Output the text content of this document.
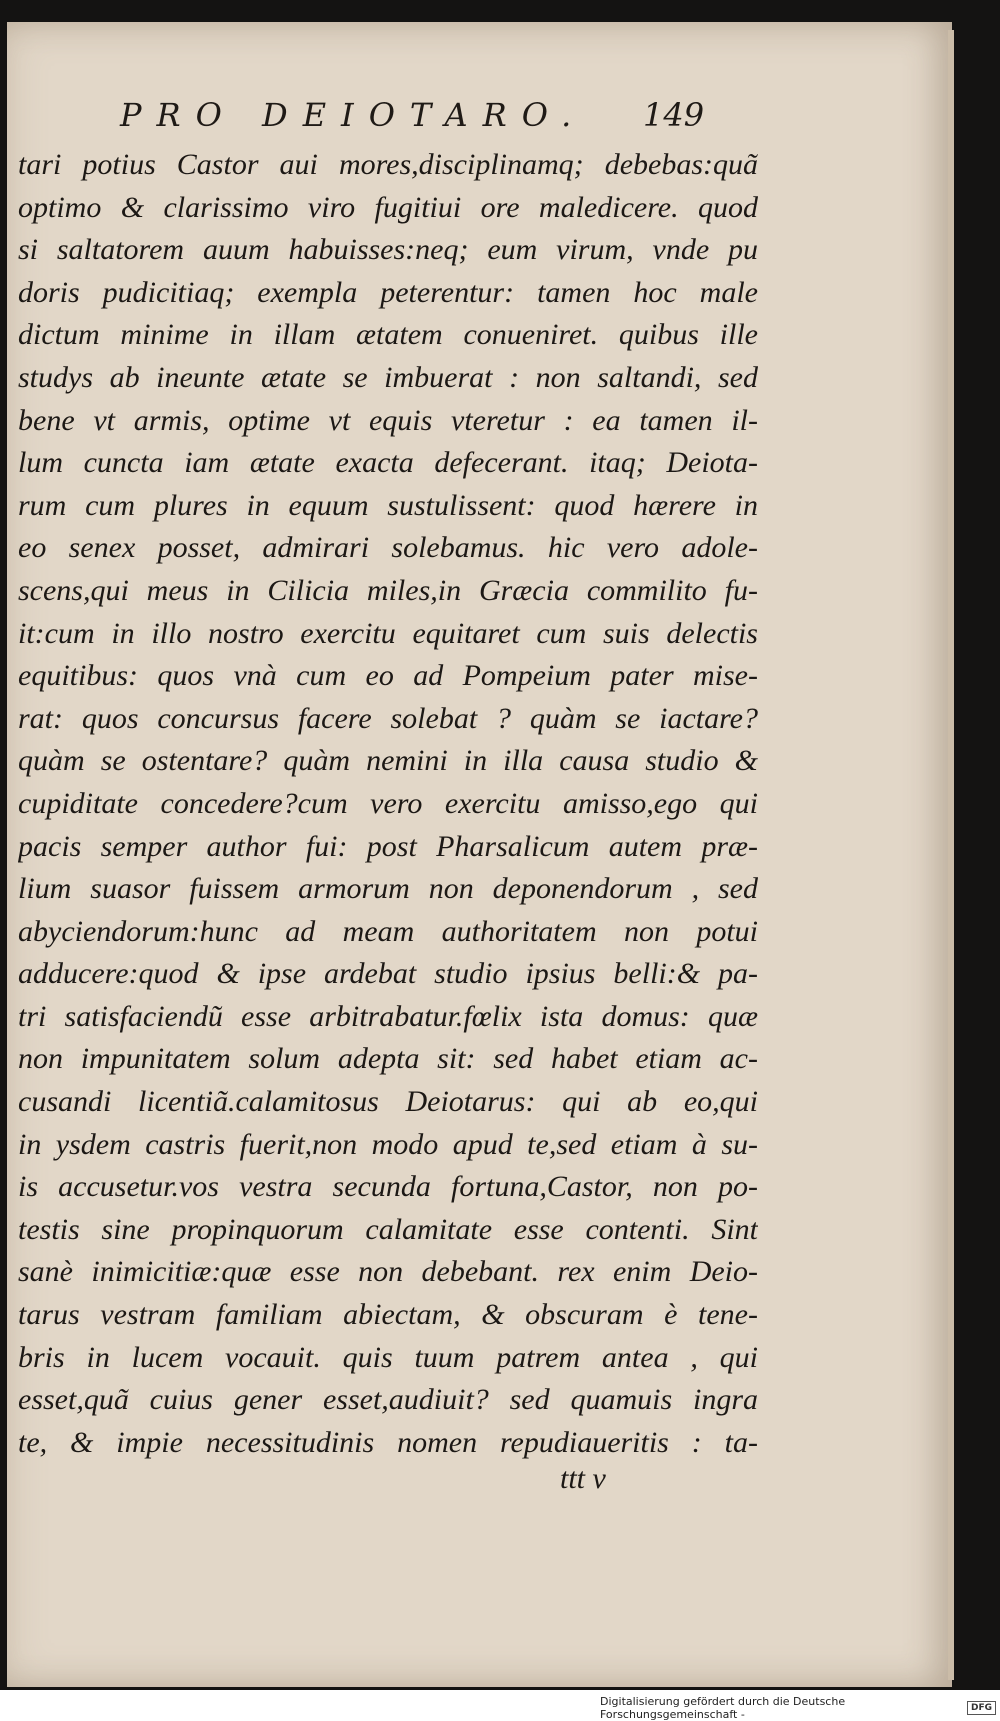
PRO DEIOTARO.	149
tari potius Castor aui mores,disciplinamq; debebas:quã
optimo & clarissimo viro fugitiui ore maledicere. quod
si saltatorem auum habuisses:neq; eum virum, vnde pu
doris pudicitiaq; exempla peterentur: tamen hoc male
dictum minime in illam ætatem conueniret. quibus ille
studys ab ineunte ætate se imbuerat : non saltandi, sed
bene vt armis, optime vt equis vteretur : ea tamen il-
lum cuncta iam ætate exacta defecerant. itaq; Deiota-
rum cum plures in equum sustulissent: quod hærere in
eo senex posset, admirari solebamus. hic vero adole-
scens,qui meus in Cilicia miles,in Græcia commilito fu-
it:cum in illo nostro exercitu equitaret cum suis delectis
equitibus: quos vnà cum eo ad Pompeium pater mise-
rat: quos concursus facere solebat ? quàm se iactare?
quàm se ostentare? quàm nemini in illa causa studio &
cupiditate concedere?cum vero exercitu amisso,ego qui
pacis semper author fui: post Pharsalicum autem præ-
lium suasor fuissem armorum non deponendorum , sed
abyciendorum:hunc ad meam authoritatem non potui
adducere:quod & ipse ardebat studio ipsius belli:& pa-
tri satisfaciendũ esse arbitrabatur.fœlix ista domus: quæ
non impunitatem solum adepta sit: sed habet etiam ac-
cusandi licentiã.calamitosus Deiotarus: qui ab eo,qui
in ysdem castris fuerit,non modo apud te,sed etiam à su-
is accusetur.vos vestra secunda fortuna,Castor, non po-
testis sine propinquorum calamitate esse contenti. Sint
sanè inimicitiæ:quæ esse non debebant. rex enim Deio-
tarus vestram familiam abiectam, & obscuram è tene-
bris in lucem vocauit. quis tuum patrem antea , qui
esset,quã cuius gener esset,audiuit? sed quamuis ingra
te, & impie necessitudinis nomen repudiaueritis : ta-
ttt v
Digitalisierung gefördert durch die Deutsche Forschungsgemeinschaft -	DFG
